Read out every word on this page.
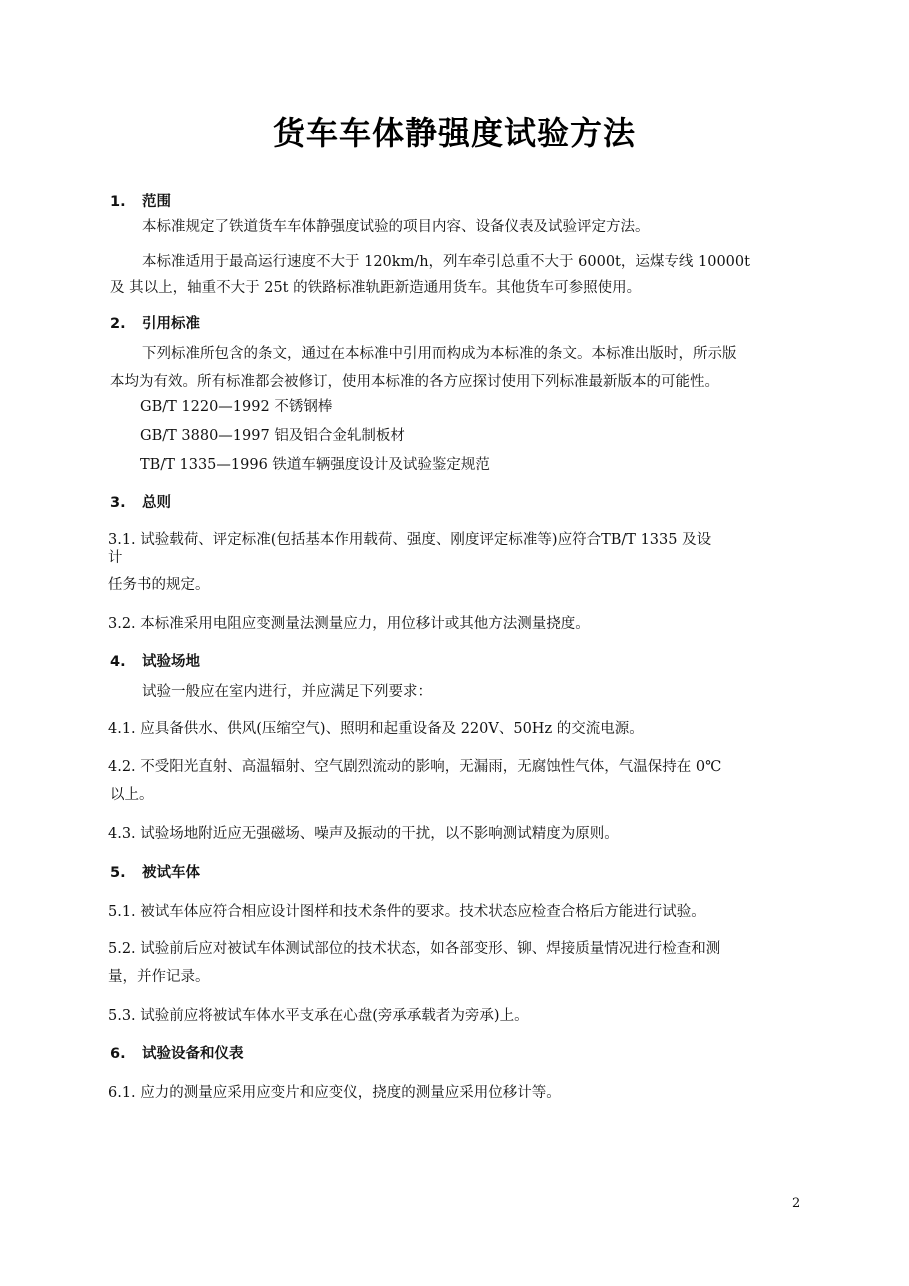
货车车体静强度试验方法
1. 范围
本标准规定了铁道货车车体静强度试验的项目内容、设备仪表及试验评定方法。
本标准适用于最高运行速度不大于 120km/h，列车牵引总重不大于 6000t，运煤专线 10000t
及 其以上，轴重不大于 25t 的铁路标准轨距新造通用货车。其他货车可参照使用。
2. 引用标准
下列标准所包含的条文，通过在本标准中引用而构成为本标准的条文。本标准出版时，所示版
本均为有效。所有标准都会被修订，使用本标准的各方应探讨使用下列标准最新版本的可能性。
GB/T 1220—1992 不锈钢棒
GB/T 3880—1997 铝及铝合金轧制板材
TB/T 1335—1996 铁道车辆强度设计及试验鉴定规范
3. 总则
3.1. 试验载荷、评定标准(包括基本作用载荷、强度、刚度评定标准等)应符合TB/T 1335 及设
计
任务书的规定。
3.2. 本标准采用电阻应变测量法测量应力，用位移计或其他方法测量挠度。
4. 试验场地
试验一般应在室内进行，并应满足下列要求：
4.1. 应具备供水、供风(压缩空气)、照明和起重设备及 220V、50Hz 的交流电源。
4.2. 不受阳光直射、高温辐射、空气剧烈流动的影响，无漏雨，无腐蚀性气体，气温保持在 0℃
以上。
4.3. 试验场地附近应无强磁场、噪声及振动的干扰，以不影响测试精度为原则。
5. 被试车体
5.1. 被试车体应符合相应设计图样和技术条件的要求。技术状态应检查合格后方能进行试验。
5.2. 试验前后应对被试车体测试部位的技术状态，如各部变形、铆、焊接质量情况进行检查和测
量，并作记录。
5.3. 试验前应将被试车体水平支承在心盘(旁承承载者为旁承)上。
6. 试验设备和仪表
6.1. 应力的测量应采用应变片和应变仪，挠度的测量应采用位移计等。
2
